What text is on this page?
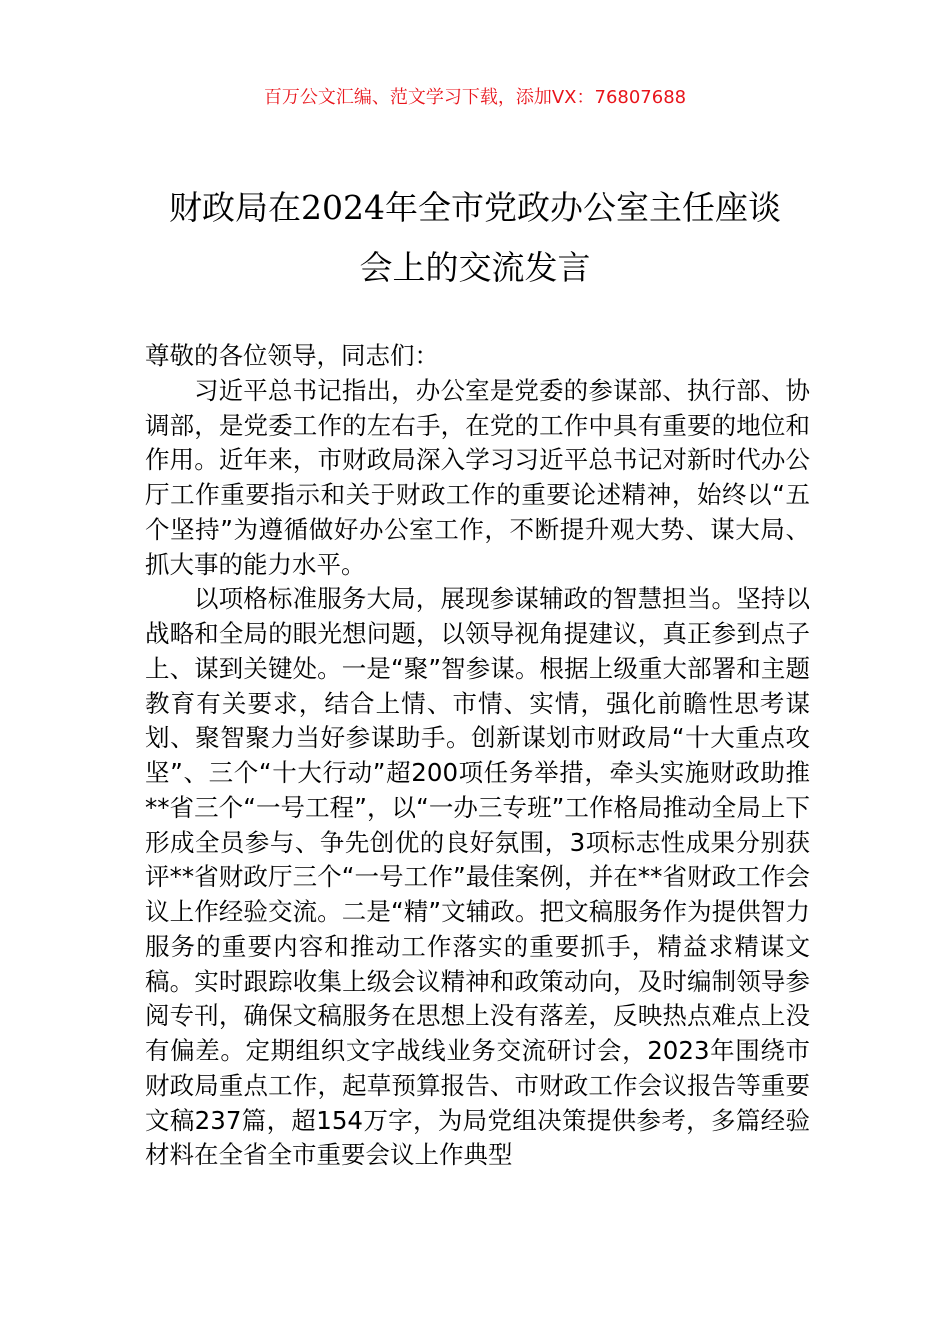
百万公文汇编、范文学习下载，添加VX：76807688
财政局在2024年全市党政办公室主任座谈
会上的交流发言

尊敬的各位领导，同志们：

习近平总书记指出，办公室是党委的参谋部、执行部、协调部，是党委工作的左右手，在党的工作中具有重要的地位和作用。近年来，市财政局深入学习习近平总书记对新时代办公厅工作重要指示和关于财政工作的重要论述精神，始终以“五个坚持”为遵循做好办公室工作，不断提升观大势、谋大局、抓大事的能力水平。

以项格标准服务大局，展现参谋辅政的智慧担当。坚持以战略和全局的眼光想问题，以领导视角提建议，真正参到点子上、谋到关键处。一是“聚”智参谋。根据上级重大部署和主题教育有关要求，结合上情、市情、实情，强化前瞻性思考谋划、聚智聚力当好参谋助手。创新谋划市财政局“十大重点攻坚”、三个“十大行动”超200项任务举措，牵头实施财政助推**省三个“一号工程”，以“一办三专班”工作格局推动全局上下形成全员参与、争先创优的良好氛围，3项标志性成果分别获评**省财政厅三个“一号工作”最佳案例，并在**省财政工作会议上作经验交流。二是“精”文辅政。把文稿服务作为提供智力服务的重要内容和推动工作落实的重要抓手，精益求精谋文稿。实时跟踪收集上级会议精神和政策动向，及时编制领导参阅专刊，确保文稿服务在思想上没有落差，反映热点难点上没有偏差。定期组织文字战线业务交流研讨会，2023年围绕市财政局重点工作，起草预算报告、市财政工作会议报告等重要文稿237篇，超154万字，为局党组决策提供参考，多篇经验材料在全省全市重要会议上作典型
